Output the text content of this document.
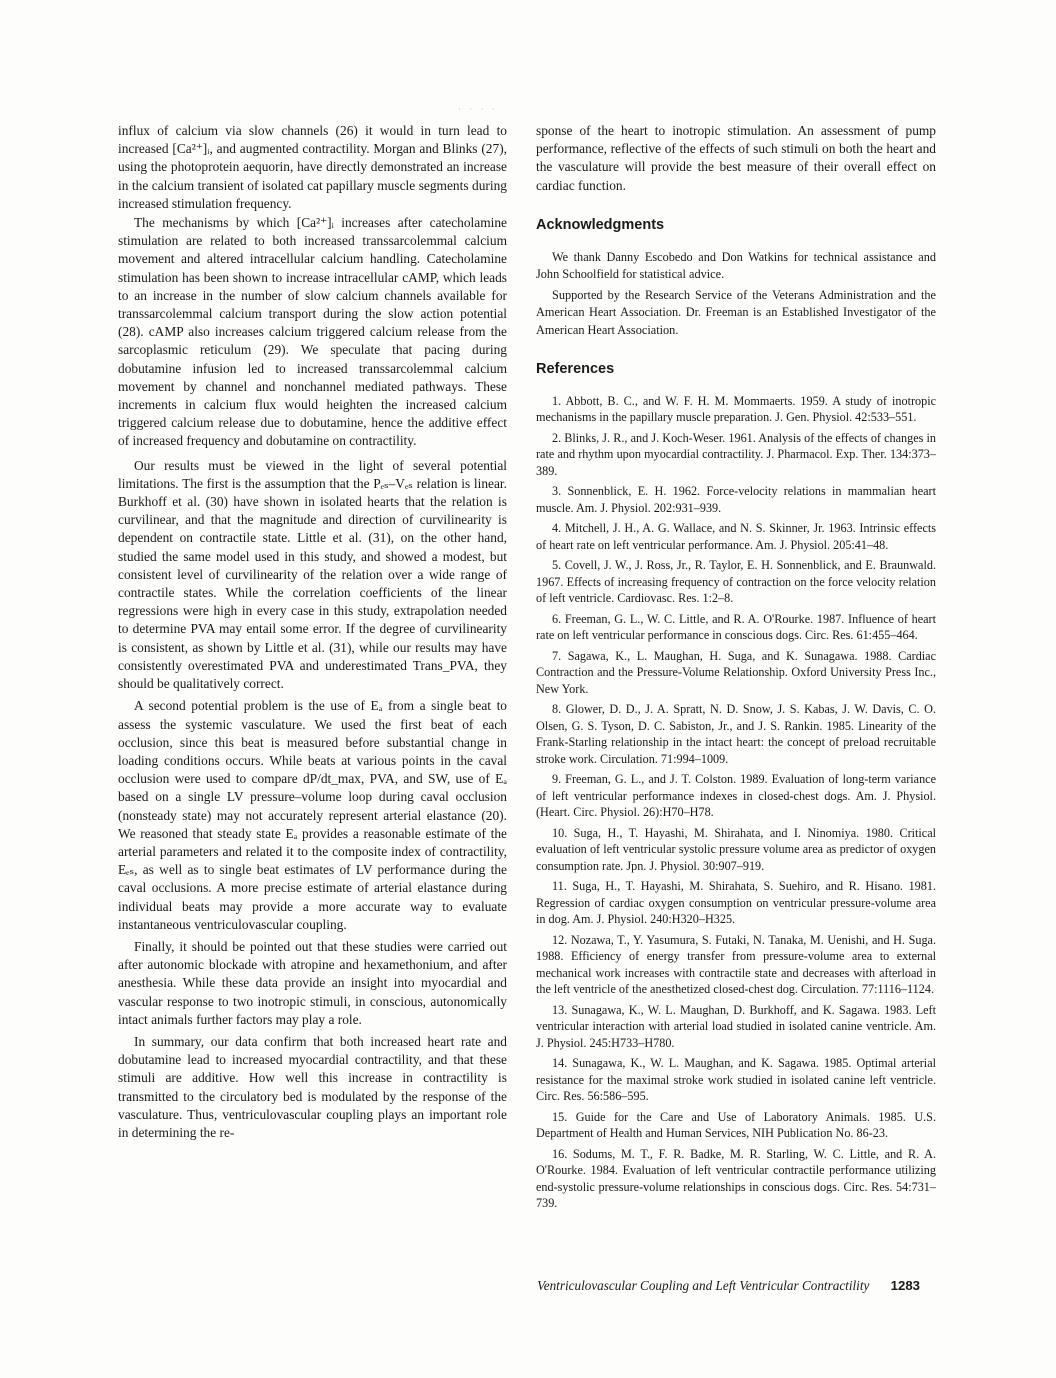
· · · ·

influx of calcium via slow channels (26) it would in turn lead to increased [Ca²⁺]ᵢ, and augmented contractility. Morgan and Blinks (27), using the photoprotein aequorin, have directly demonstrated an increase in the calcium transient of isolated cat papillary muscle segments during increased stimulation frequency.

The mechanisms by which [Ca²⁺]ᵢ increases after catecholamine stimulation are related to both increased transsarcolemmal calcium movement and altered intracellular calcium handling. Catecholamine stimulation has been shown to increase intracellular cAMP, which leads to an increase in the number of slow calcium channels available for transsarcolemmal calcium transport during the slow action potential (28). cAMP also increases calcium triggered calcium release from the sarcoplasmic reticulum (29). We speculate that pacing during dobutamine infusion led to increased transsarcolemmal calcium movement by channel and nonchannel mediated pathways. These increments in calcium flux would heighten the increased calcium triggered calcium release due to dobutamine, hence the additive effect of increased frequency and dobutamine on contractility.

Our results must be viewed in the light of several potential limitations. The first is the assumption that the Pₑₛ–Vₑₛ relation is linear. Burkhoff et al. (30) have shown in isolated hearts that the relation is curvilinear, and that the magnitude and direction of curvilinearity is dependent on contractile state. Little et al. (31), on the other hand, studied the same model used in this study, and showed a modest, but consistent level of curvilinearity of the relation over a wide range of contractile states. While the correlation coefficients of the linear regressions were high in every case in this study, extrapolation needed to determine PVA may entail some error. If the degree of curvilinearity is consistent, as shown by Little et al. (31), while our results may have consistently overestimated PVA and underestimated Trans_PVA, they should be qualitatively correct.

A second potential problem is the use of Eₐ from a single beat to assess the systemic vasculature. We used the first beat of each occlusion, since this beat is measured before substantial change in loading conditions occurs. While beats at various points in the caval occlusion were used to compare dP/dt_max, PVA, and SW, use of Eₐ based on a single LV pressure–volume loop during caval occlusion (nonsteady state) may not accurately represent arterial elastance (20). We reasoned that steady state Eₐ provides a reasonable estimate of the arterial parameters and related it to the composite index of contractility, Eₑₛ, as well as to single beat estimates of LV performance during the caval occlusions. A more precise estimate of arterial elastance during individual beats may provide a more accurate way to evaluate instantaneous ventriculovascular coupling.

Finally, it should be pointed out that these studies were carried out after autonomic blockade with atropine and hexamethonium, and after anesthesia. While these data provide an insight into myocardial and vascular response to two inotropic stimuli, in conscious, autonomically intact animals further factors may play a role.

In summary, our data confirm that both increased heart rate and dobutamine lead to increased myocardial contractility, and that these stimuli are additive. How well this increase in contractility is transmitted to the circulatory bed is modulated by the response of the vasculature. Thus, ventriculovascular coupling plays an important role in determining the re-

sponse of the heart to inotropic stimulation. An assessment of pump performance, reflective of the effects of such stimuli on both the heart and the vasculature will provide the best measure of their overall effect on cardiac function.

Acknowledgments

We thank Danny Escobedo and Don Watkins for technical assistance and John Schoolfield for statistical advice.

Supported by the Research Service of the Veterans Administration and the American Heart Association. Dr. Freeman is an Established Investigator of the American Heart Association.

References
1. Abbott, B. C., and W. F. H. M. Mommaerts. 1959. A study of inotropic mechanisms in the papillary muscle preparation. J. Gen. Physiol. 42:533–551.
2. Blinks, J. R., and J. Koch-Weser. 1961. Analysis of the effects of changes in rate and rhythm upon myocardial contractility. J. Pharmacol. Exp. Ther. 134:373–389.
3. Sonnenblick, E. H. 1962. Force-velocity relations in mammalian heart muscle. Am. J. Physiol. 202:931–939.
4. Mitchell, J. H., A. G. Wallace, and N. S. Skinner, Jr. 1963. Intrinsic effects of heart rate on left ventricular performance. Am. J. Physiol. 205:41–48.
5. Covell, J. W., J. Ross, Jr., R. Taylor, E. H. Sonnenblick, and E. Braunwald. 1967. Effects of increasing frequency of contraction on the force velocity relation of left ventricle. Cardiovasc. Res. 1:2–8.
6. Freeman, G. L., W. C. Little, and R. A. O'Rourke. 1987. Influence of heart rate on left ventricular performance in conscious dogs. Circ. Res. 61:455–464.
7. Sagawa, K., L. Maughan, H. Suga, and K. Sunagawa. 1988. Cardiac Contraction and the Pressure-Volume Relationship. Oxford University Press Inc., New York.
8. Glower, D. D., J. A. Spratt, N. D. Snow, J. S. Kabas, J. W. Davis, C. O. Olsen, G. S. Tyson, D. C. Sabiston, Jr., and J. S. Rankin. 1985. Linearity of the Frank-Starling relationship in the intact heart: the concept of preload recruitable stroke work. Circulation. 71:994–1009.
9. Freeman, G. L., and J. T. Colston. 1989. Evaluation of long-term variance of left ventricular performance indexes in closed-chest dogs. Am. J. Physiol. (Heart. Circ. Physiol. 26):H70–H78.
10. Suga, H., T. Hayashi, M. Shirahata, and I. Ninomiya. 1980. Critical evaluation of left ventricular systolic pressure volume area as predictor of oxygen consumption rate. Jpn. J. Physiol. 30:907–919.
11. Suga, H., T. Hayashi, M. Shirahata, S. Suehiro, and R. Hisano. 1981. Regression of cardiac oxygen consumption on ventricular pressure-volume area in dog. Am. J. Physiol. 240:H320–H325.
12. Nozawa, T., Y. Yasumura, S. Futaki, N. Tanaka, M. Uenishi, and H. Suga. 1988. Efficiency of energy transfer from pressure-volume area to external mechanical work increases with contractile state and decreases with afterload in the left ventricle of the anesthetized closed-chest dog. Circulation. 77:1116–1124.
13. Sunagawa, K., W. L. Maughan, D. Burkhoff, and K. Sagawa. 1983. Left ventricular interaction with arterial load studied in isolated canine ventricle. Am. J. Physiol. 245:H733–H780.
14. Sunagawa, K., W. L. Maughan, and K. Sagawa. 1985. Optimal arterial resistance for the maximal stroke work studied in isolated canine left ventricle. Circ. Res. 56:586–595.
15. Guide for the Care and Use of Laboratory Animals. 1985. U.S. Department of Health and Human Services, NIH Publication No. 86-23.
16. Sodums, M. T., F. R. Badke, M. R. Starling, W. C. Little, and R. A. O'Rourke. 1984. Evaluation of left ventricular contractile performance utilizing end-systolic pressure-volume relationships in conscious dogs. Circ. Res. 54:731–739.
Ventriculovascular Coupling and Left Ventricular Contractility 1283
